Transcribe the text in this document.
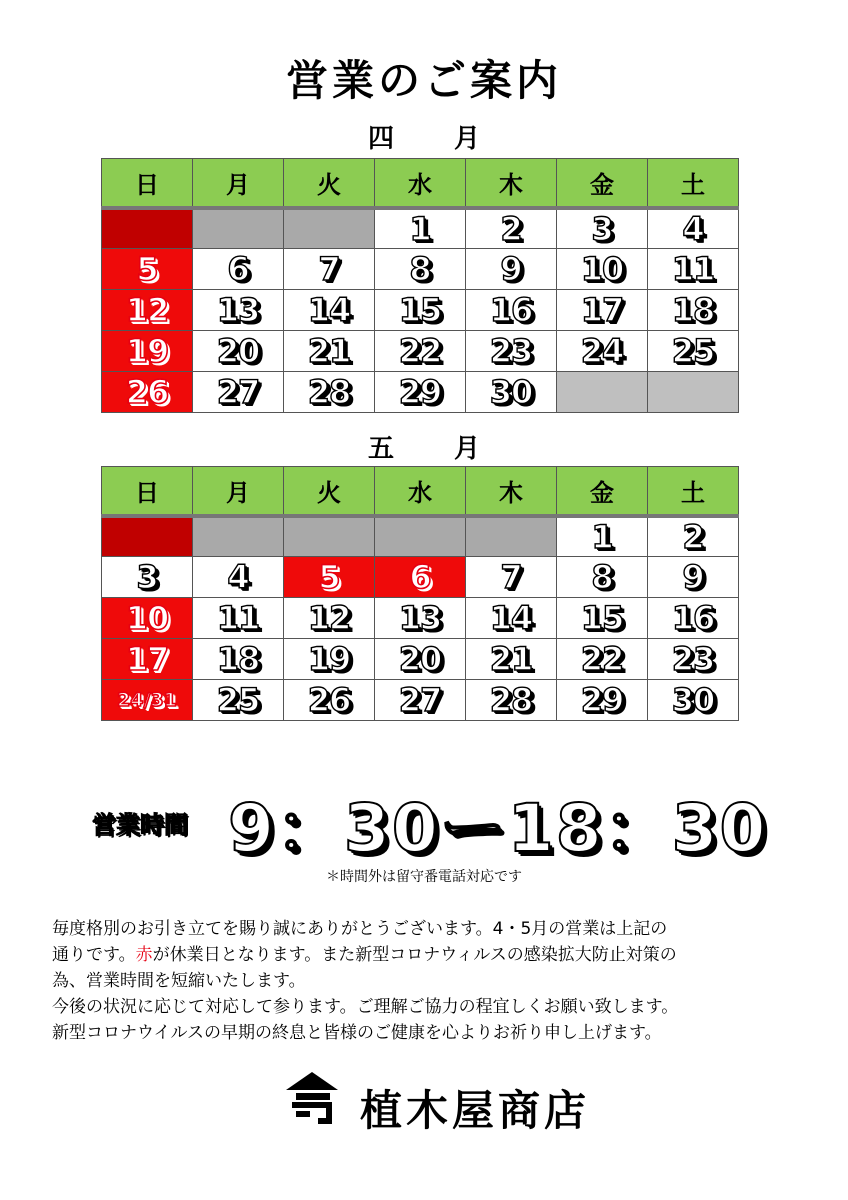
営業のご案内
四 月
日	月	火	水	木	金	土
			1	2	3	4
5	6	7	8	9	10	11
12	13	14	15	16	17	18
19	20	21	22	23	24	25
26	27	28	29	30		
五 月
日	月	火	水	木	金	土
					1	2
3	4	5	6	7	8	9
10	11	12	13	14	15	16
17	18	19	20	21	22	23
24/31	25	26	27	28	29	30
営業時間 9：30ー18：30
＊時間外は留守番電話対応です

毎度格別のお引き立てを賜り誠にありがとうございます。4・5月の営業は上記の

通りです。赤が休業日となります。また新型コロナウィルスの感染拡大防止対策の

為、営業時間を短縮いたします。

今後の状況に応じて対応して参ります。ご理解ご協力の程宜しくお願い致します。

新型コロナウイルスの早期の終息と皆様のご健康を心よりお祈り申し上げます。

植木屋商店
